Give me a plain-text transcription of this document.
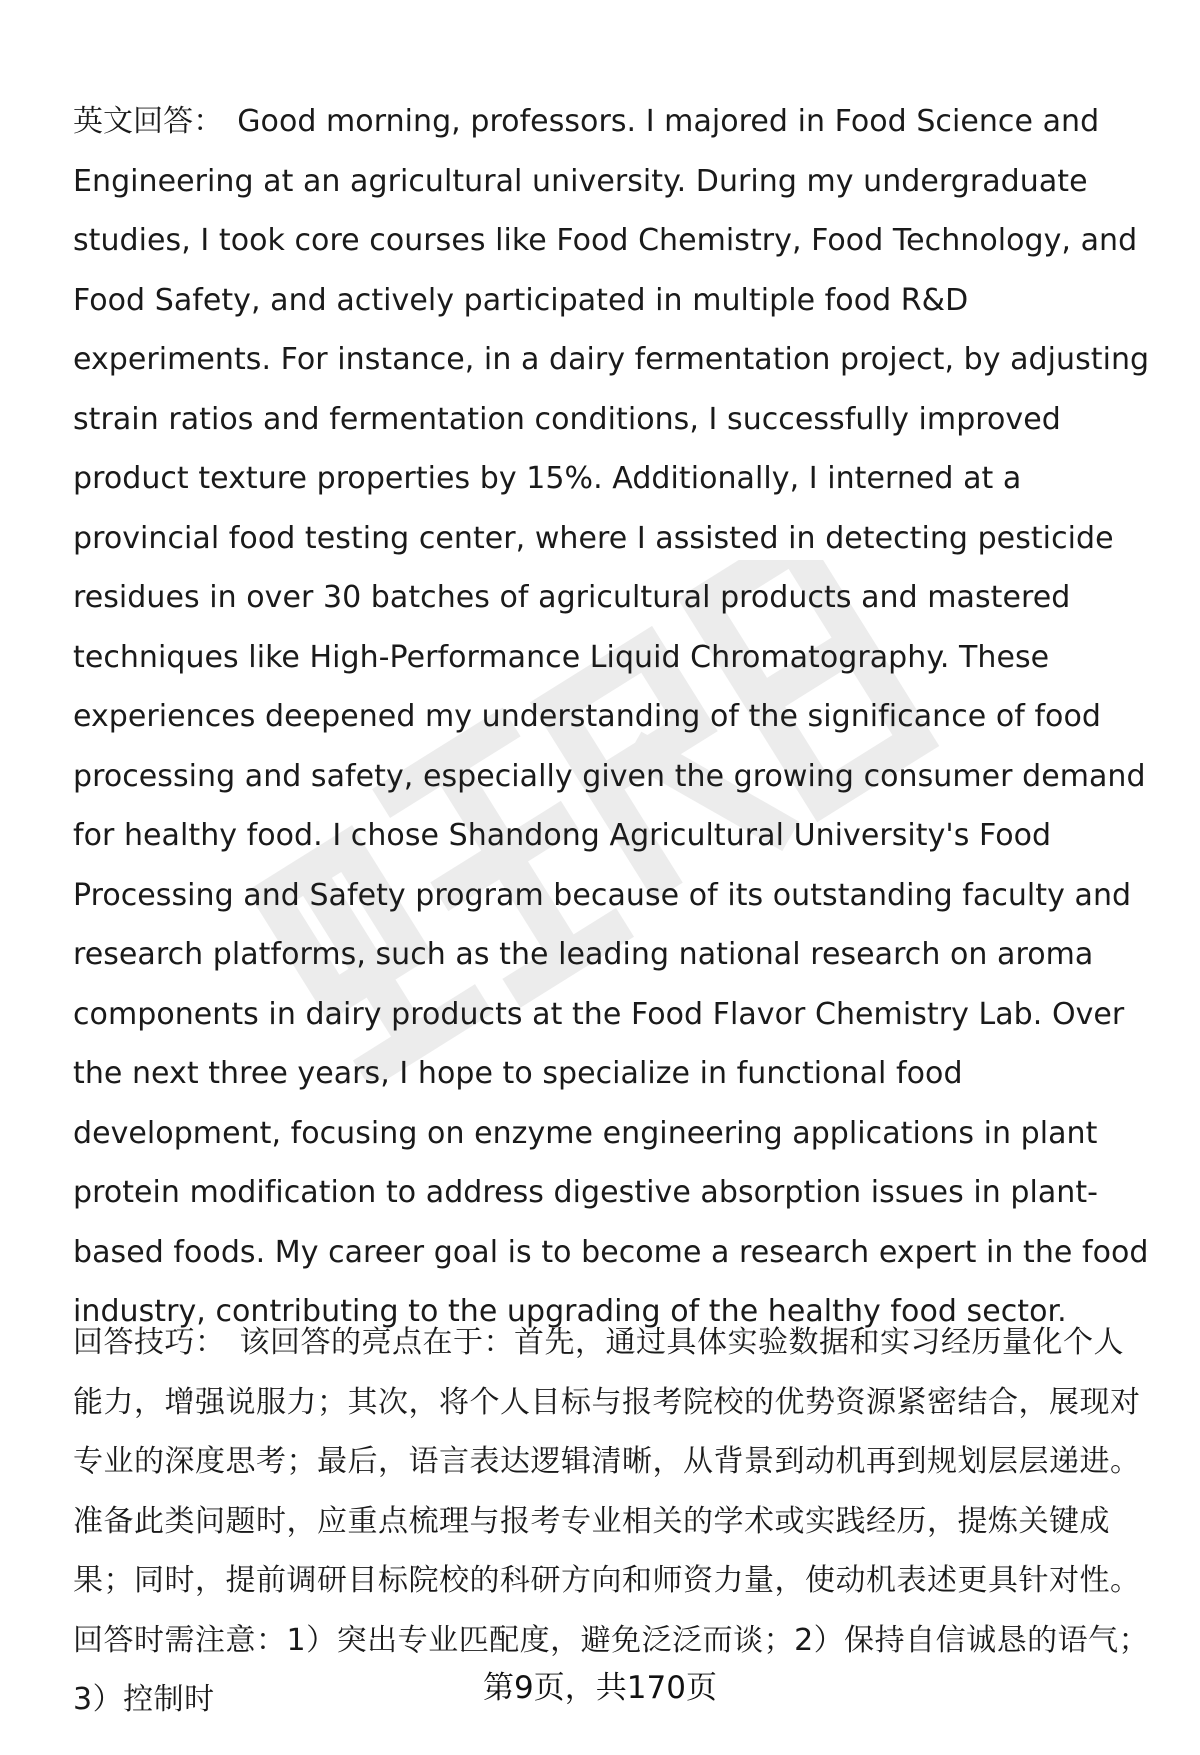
英文回答： Good morning, professors. I majored in Food Science and Engineering at an agricultural university. During my undergraduate studies, I took core courses like Food Chemistry, Food Technology, and Food Safety, and actively participated in multiple food R&D experiments. For instance, in a dairy fermentation project, by adjusting strain ratios and fermentation conditions, I successfully improved product texture properties by 15%. Additionally, I interned at a provincial food testing center, where I assisted in detecting pesticide residues in over 30 batches of agricultural products and mastered techniques like High-Performance Liquid Chromatography. These experiences deepened my understanding of the significance of food processing and safety, especially given the growing consumer demand for healthy food. I chose Shandong Agricultural University's Food Processing and Safety program because of its outstanding faculty and research platforms, such as the leading national research on aroma components in dairy products at the Food Flavor Chemistry Lab. Over the next three years, I hope to specialize in functional food development, focusing on enzyme engineering applications in plant protein modification to address digestive absorption issues in plant-based foods. My career goal is to become a research expert in the food industry, contributing to the upgrading of the healthy food sector.
回答技巧： 该回答的亮点在于：首先，通过具体实验数据和实习经历量化个人能力，增强说服力；其次，将个人目标与报考院校的优势资源紧密结合，展现对专业的深度思考；最后，语言表达逻辑清晰，从背景到动机再到规划层层递进。准备此类问题时，应重点梳理与报考专业相关的学术或实践经历，提炼关键成果；同时，提前调研目标院校的科研方向和师资力量，使动机表述更具针对性。回答时需注意：1）突出专业匹配度，避免泛泛而谈；2）保持自信诚恳的语气；3）控制时	第9页，共170页
